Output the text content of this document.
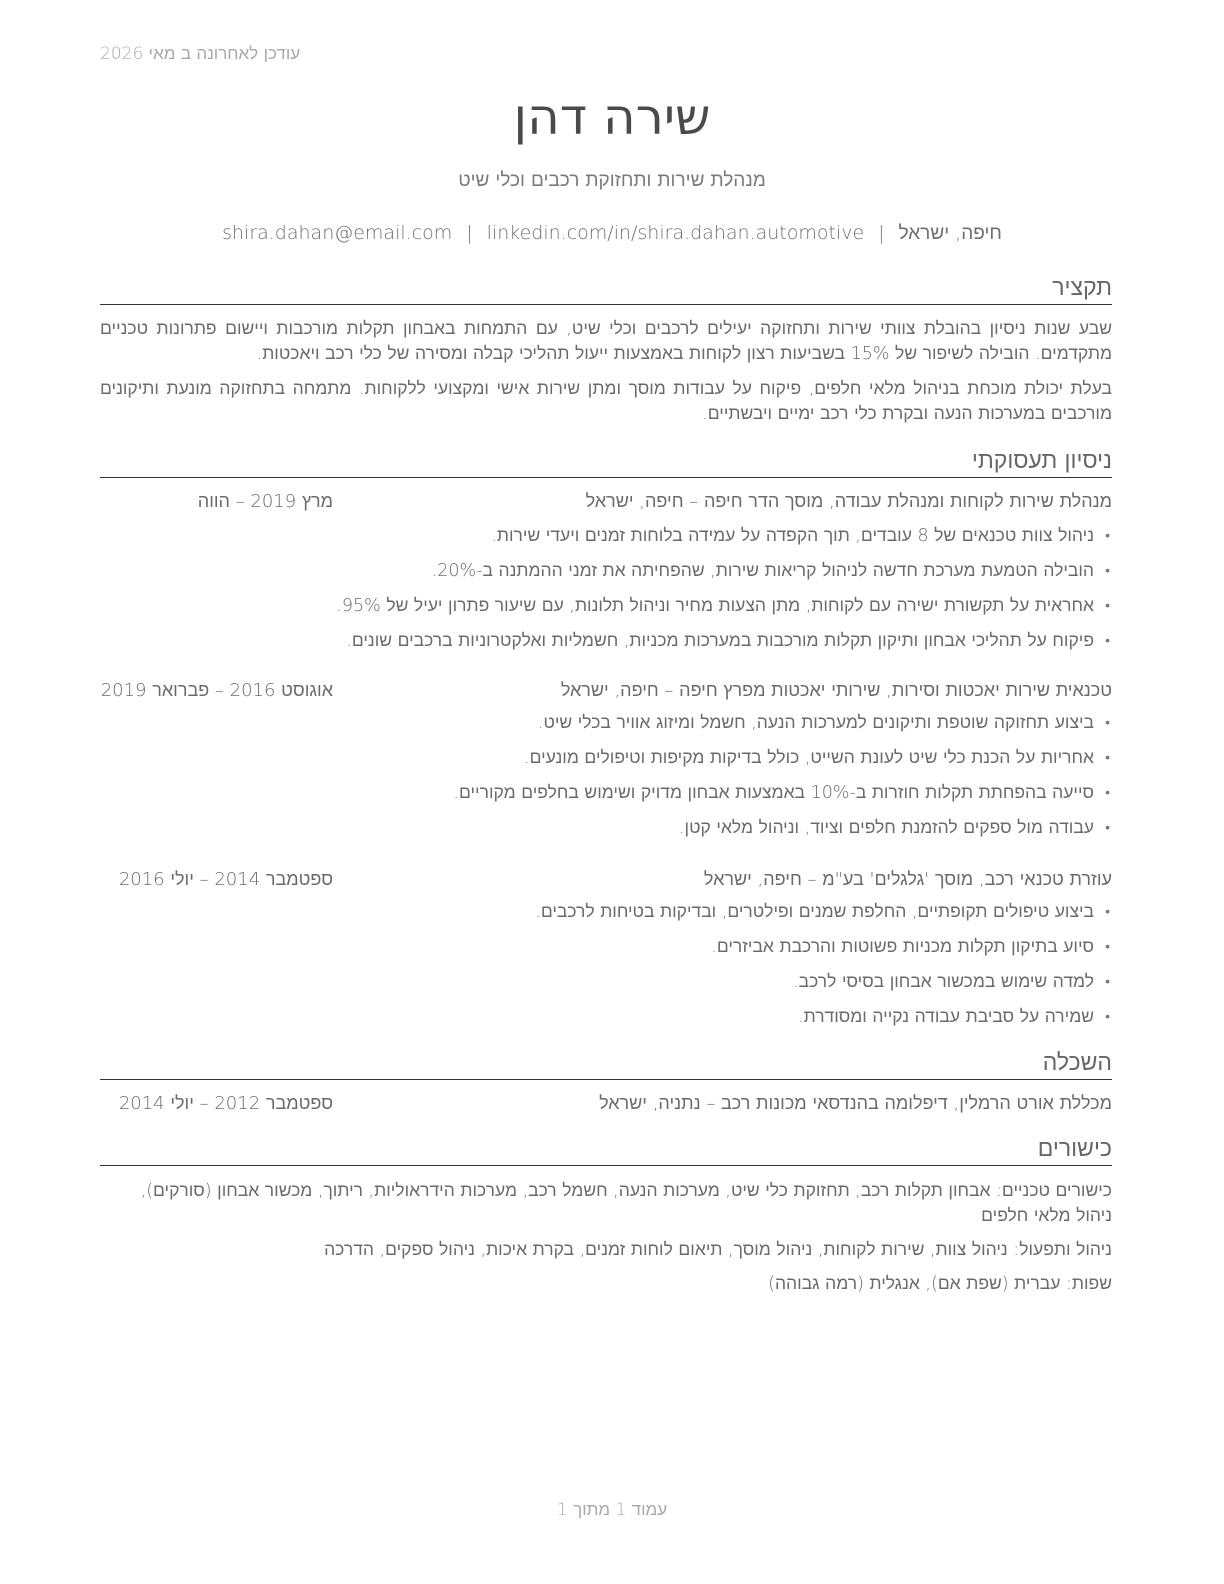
עודכן לאחרונה ב מאי 2026
שירה דהן
מנהלת שירות ותחזוקת רכבים וכלי שיט
חיפה, ישראל|shira.dahan@email.com | linkedin.com/in/shira.dahan.automotive
תקציר

שבע שנות ניסיון בהובלת צוותי שירות ותחזוקה יעילים לרכבים וכלי שיט, עם התמחות באבחון תקלות מורכבות ויישום פתרונות טכניים מתקדמים. הובילה לשיפור של 15% בשביעות רצון לקוחות באמצעות ייעול תהליכי קבלה ומסירה של כלי רכב ויאכטות.

בעלת יכולת מוכחת בניהול מלאי חלפים, פיקוח על עבודות מוסך ומתן שירות אישי ומקצועי ללקוחות. מתמחה בתחזוקה מונעת ותיקונים מורכבים במערכות הנעה ובקרת כלי רכב ימיים ויבשתיים.

ניסיון תעסוקתי
מנהלת שירות לקוחות ומנהלת עבודה, מוסך הדר חיפה – חיפה, ישראל
מרץ 2019 – הווה
• ניהול צוות טכנאים של 8 עובדים, תוך הקפדה על עמידה בלוחות זמנים ויעדי שירות.
• הובילה הטמעת מערכת חדשה לניהול קריאות שירות, שהפחיתה את זמני ההמתנה ב-20%.
• אחראית על תקשורת ישירה עם לקוחות, מתן הצעות מחיר וניהול תלונות, עם שיעור פתרון יעיל של 95%.
• פיקוח על תהליכי אבחון ותיקון תקלות מורכבות במערכות מכניות, חשמליות ואלקטרוניות ברכבים שונים.
טכנאית שירות יאכטות וסירות, שירותי יאכטות מפרץ חיפה – חיפה, ישראל
אוגוסט 2016 – פברואר 2019
• ביצוע תחזוקה שוטפת ותיקונים למערכות הנעה, חשמל ומיזוג אוויר בכלי שיט.
• אחריות על הכנת כלי שיט לעונת השייט, כולל בדיקות מקיפות וטיפולים מונעים.
• סייעה בהפחתת תקלות חוזרות ב-10% באמצעות אבחון מדויק ושימוש בחלפים מקוריים.
• עבודה מול ספקים להזמנת חלפים וציוד, וניהול מלאי קטן.
עוזרת טכנאי רכב, מוסך 'גלגלים' בע"מ – חיפה, ישראל
ספטמבר 2014 – יולי 2016
• ביצוע טיפולים תקופתיים, החלפת שמנים ופילטרים, ובדיקות בטיחות לרכבים.
• סיוע בתיקון תקלות מכניות פשוטות והרכבת אביזרים.
• למדה שימוש במכשור אבחון בסיסי לרכב.
• שמירה על סביבת עבודה נקייה ומסודרת.
השכלה
מכללת אורט הרמלין, דיפלומה בהנדסאי מכונות רכב – נתניה, ישראל
ספטמבר 2012 – יולי 2014
כישורים

כישורים טכניים: אבחון תקלות רכב, תחזוקת כלי שיט, מערכות הנעה, חשמל רכב, מערכות הידראוליות, ריתוך, מכשור אבחון (סורקים), ניהול מלאי חלפים

ניהול ותפעול: ניהול צוות, שירות לקוחות, ניהול מוסך, תיאום לוחות זמנים, בקרת איכות, ניהול ספקים, הדרכה

שפות: עברית (שפת אם), אנגלית (רמה גבוהה)

עמוד 1 מתוך 1
